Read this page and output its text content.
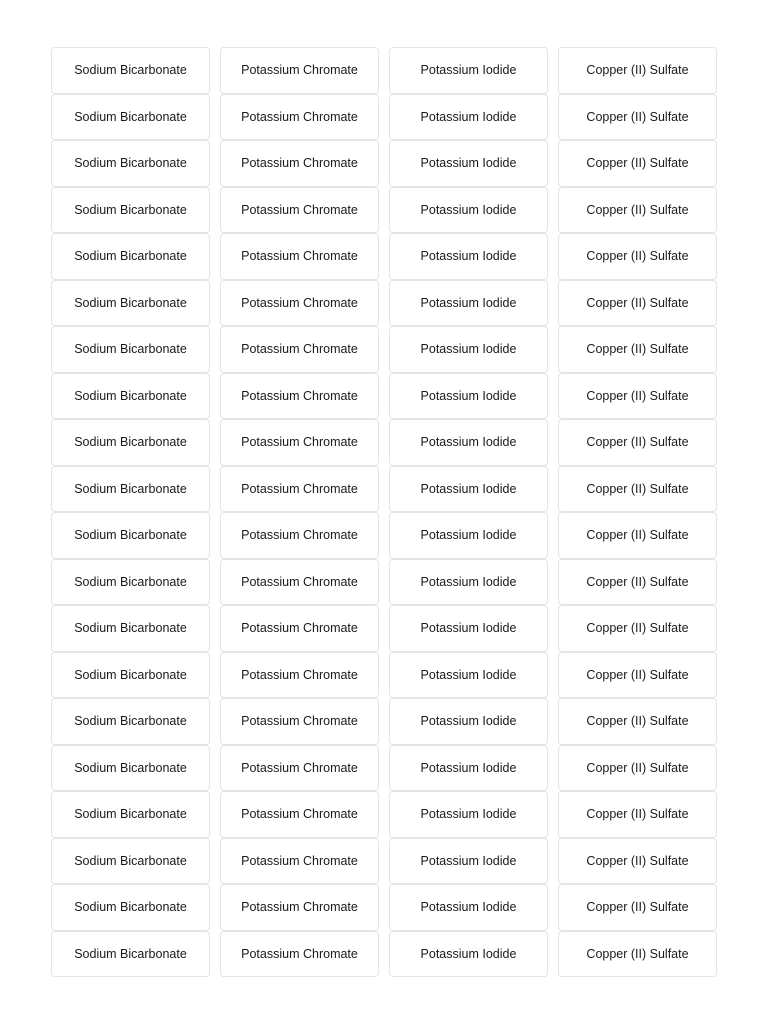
Sodium Bicarbonate	Potassium Chromate	Potassium Iodide	Copper (II) Sulfate
Sodium Bicarbonate	Potassium Chromate	Potassium Iodide	Copper (II) Sulfate
Sodium Bicarbonate	Potassium Chromate	Potassium Iodide	Copper (II) Sulfate
Sodium Bicarbonate	Potassium Chromate	Potassium Iodide	Copper (II) Sulfate
Sodium Bicarbonate	Potassium Chromate	Potassium Iodide	Copper (II) Sulfate
Sodium Bicarbonate	Potassium Chromate	Potassium Iodide	Copper (II) Sulfate
Sodium Bicarbonate	Potassium Chromate	Potassium Iodide	Copper (II) Sulfate
Sodium Bicarbonate	Potassium Chromate	Potassium Iodide	Copper (II) Sulfate
Sodium Bicarbonate	Potassium Chromate	Potassium Iodide	Copper (II) Sulfate
Sodium Bicarbonate	Potassium Chromate	Potassium Iodide	Copper (II) Sulfate
Sodium Bicarbonate	Potassium Chromate	Potassium Iodide	Copper (II) Sulfate
Sodium Bicarbonate	Potassium Chromate	Potassium Iodide	Copper (II) Sulfate
Sodium Bicarbonate	Potassium Chromate	Potassium Iodide	Copper (II) Sulfate
Sodium Bicarbonate	Potassium Chromate	Potassium Iodide	Copper (II) Sulfate
Sodium Bicarbonate	Potassium Chromate	Potassium Iodide	Copper (II) Sulfate
Sodium Bicarbonate	Potassium Chromate	Potassium Iodide	Copper (II) Sulfate
Sodium Bicarbonate	Potassium Chromate	Potassium Iodide	Copper (II) Sulfate
Sodium Bicarbonate	Potassium Chromate	Potassium Iodide	Copper (II) Sulfate
Sodium Bicarbonate	Potassium Chromate	Potassium Iodide	Copper (II) Sulfate
Sodium Bicarbonate	Potassium Chromate	Potassium Iodide	Copper (II) Sulfate
